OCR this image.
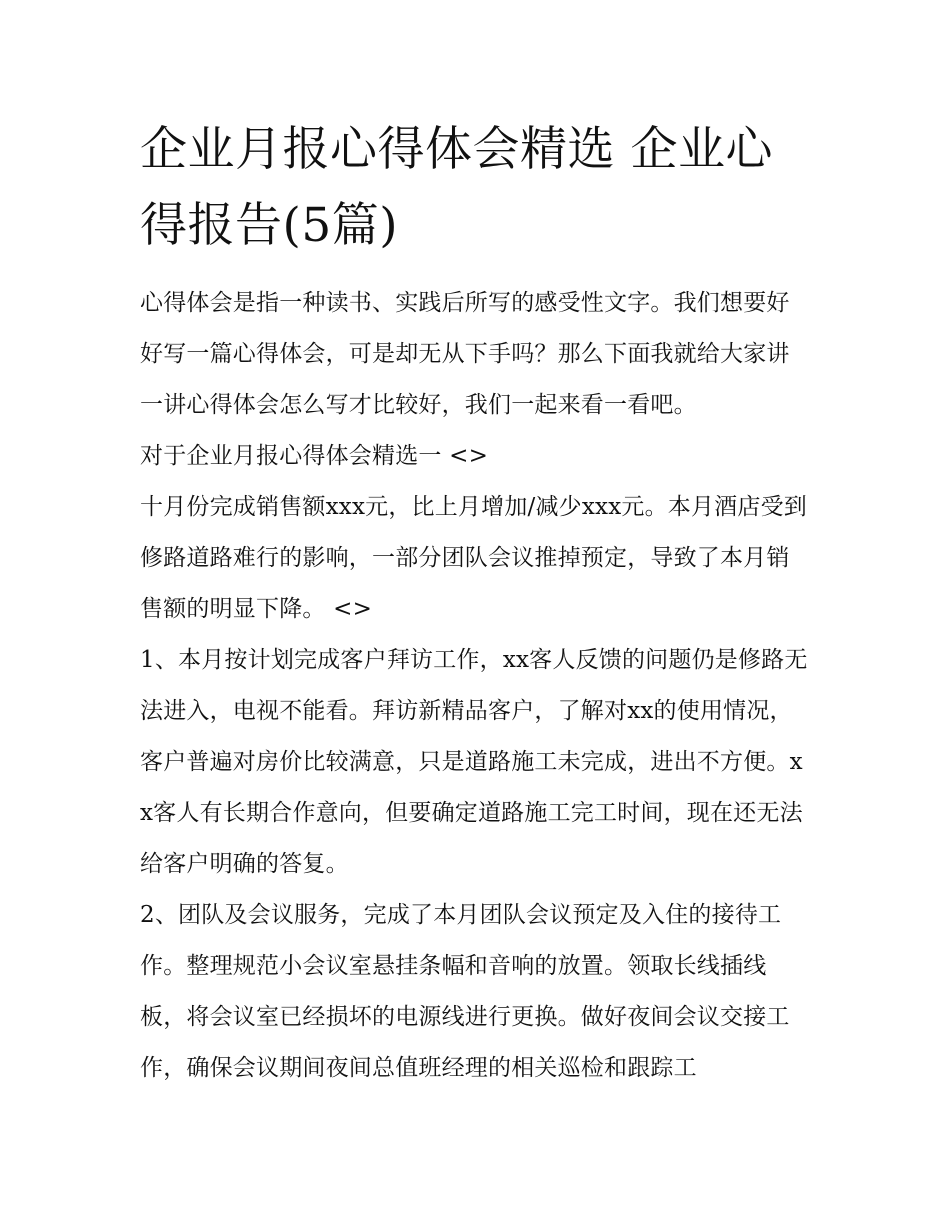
企业月报心得体会精选 企业心得报告(5篇)

心得体会是指一种读书、实践后所写的感受性文字。我们想要好好写一篇心得体会，可是却无从下手吗？那么下面我就给大家讲一讲心得体会怎么写才比较好，我们一起来看一看吧。

对于企业月报心得体会精选一 <>

十月份完成销售额xxx元，比上月增加/减少xxx元。本月酒店受到修路道路难行的影响，一部分团队会议推掉预定，导致了本月销售额的明显下降。 <>

1、本月按计划完成客户拜访工作，xx客人反馈的问题仍是修路无法进入，电视不能看。拜访新精品客户，了解对xx的使用情况，客户普遍对房价比较满意，只是道路施工未完成，进出不方便。xx客人有长期合作意向，但要确定道路施工完工时间，现在还无法给客户明确的答复。

2、团队及会议服务，完成了本月团队会议预定及入住的接待工作。整理规范小会议室悬挂条幅和音响的放置。领取长线插线板，将会议室已经损坏的电源线进行更换。做好夜间会议交接工作，确保会议期间夜间总值班经理的相关巡检和跟踪工
